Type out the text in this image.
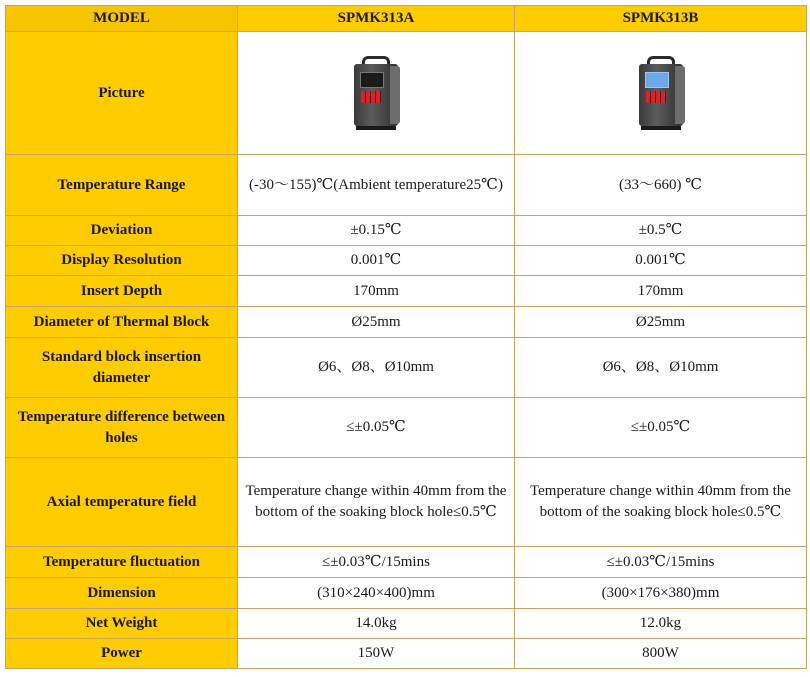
MODEL	SPMK313A	SPMK313B
Picture	

Temperature Range	(-30～155)℃(Ambient temperature25℃)	(33～660) ℃
Deviation	±0.15℃	±0.5℃
Display Resolution	0.001℃	0.001℃
Insert Depth	170mm	170mm
Diameter of Thermal Block	Ø25mm	Ø25mm
Standard block insertion diameter	Ø6、Ø8、Ø10mm	Ø6、Ø8、Ø10mm
Temperature difference between holes	≤±0.05℃	≤±0.05℃
Axial temperature field	Temperature change within 40mm from the bottom of the soaking block hole≤0.5℃	Temperature change within 40mm from the bottom of the soaking block hole≤0.5℃
Temperature fluctuation	≤±0.03℃/15mins	≤±0.03℃/15mins
Dimension	(310×240×400)mm	(300×176×380)mm
Net Weight	14.0kg	12.0kg
Power	150W	800W
